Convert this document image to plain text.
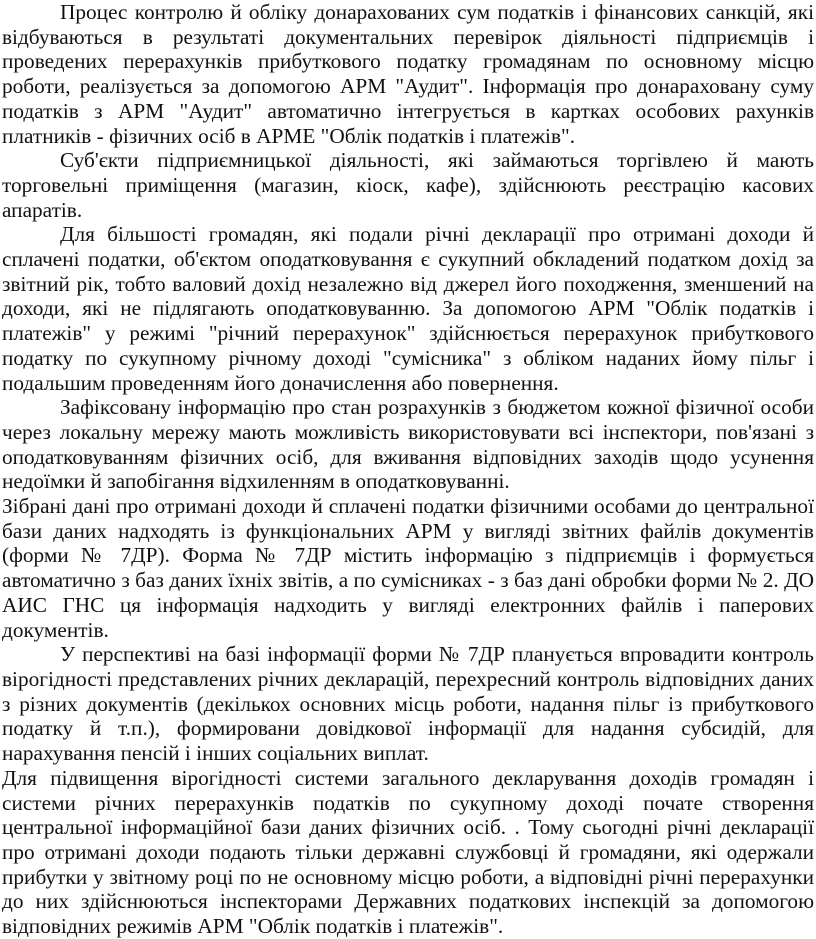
Процес контролю й обліку донарахованих сум податків і фінансових санкцій, які відбуваються в результаті документальних перевірок діяльності підприємців і проведених перерахунків прибуткового податку громадянам по основному місцю роботи, реалізується за допомогою АРМ "Аудит". Інформація про донараховану суму податків з АРМ "Аудит" автоматично інтегрується в картках особових рахунків платників - фізичних осіб в АРМЕ "Облік податків і платежів".

Суб'єкти підприємницької діяльності, які займаються торгівлею й мають торговельні приміщення (магазин, кіоск, кафе), здійснюють реєстрацію касових апаратів.

Для більшості громадян, які подали річні декларації про отримані доходи й сплачені податки, об'єктом оподатковування є сукупний обкладений податком дохід за звітний рік, тобто валовий дохід незалежно від джерел його походження, зменшений на доходи, які не підлягають оподатковуванню. За допомогою АРМ "Облік податків і платежів" у режимі "річний перерахунок" здійснюється перерахунок прибуткового податку по сукупному річному доході "сумісника" з обліком наданих йому пільг і подальшим проведенням його доначислення або повернення.

Зафіксовану інформацію про стан розрахунків з бюджетом кожної фізичної особи через локальну мережу мають можливість використовувати всі інспектори, пов'язані з оподатковуванням фізичних осіб, для вживання відповідних заходів щодо усунення недоїмки й запобігання відхиленням в оподатковуванні.

Зібрані дані про отримані доходи й сплачені податки фізичними особами до центральної бази даних надходять із функціональних АРМ у вигляді звітних файлів документів (форми № 7ДР). Форма № 7ДР містить інформацію з підприємців і формується автоматично з баз даних їхніх звітів, а по сумісниках - з баз дані обробки форми № 2. ДО АИС ГНС ця інформація надходить у вигляді електронних файлів і паперових документів.

У перспективі на базі інформації форми № 7ДР планується впровадити контроль вірогідності представлених річних декларацій, перехресний контроль відповідних даних з різних документів (декількох основних місць роботи, надання пільг із прибуткового податку й т.п.), формировани довідкової інформації для надання субсидій, для нарахування пенсій і інших соціальних виплат.

Для підвищення вірогідності системи загального декларування доходів громадян і системи річних перерахунків податків по сукупному доході почате створення центральної інформаційної бази даних фізичних осіб. . Тому сьогодні річні декларації про отримані доходи подають тільки державні службовці й громадяни, які одержали прибутки у звітному році по не основному місцю роботи, а відповідні річні перерахунки до них здійснюються інспекторами Державних податкових інспекцій за допомогою відповідних режимів АРМ "Облік податків і платежів".
